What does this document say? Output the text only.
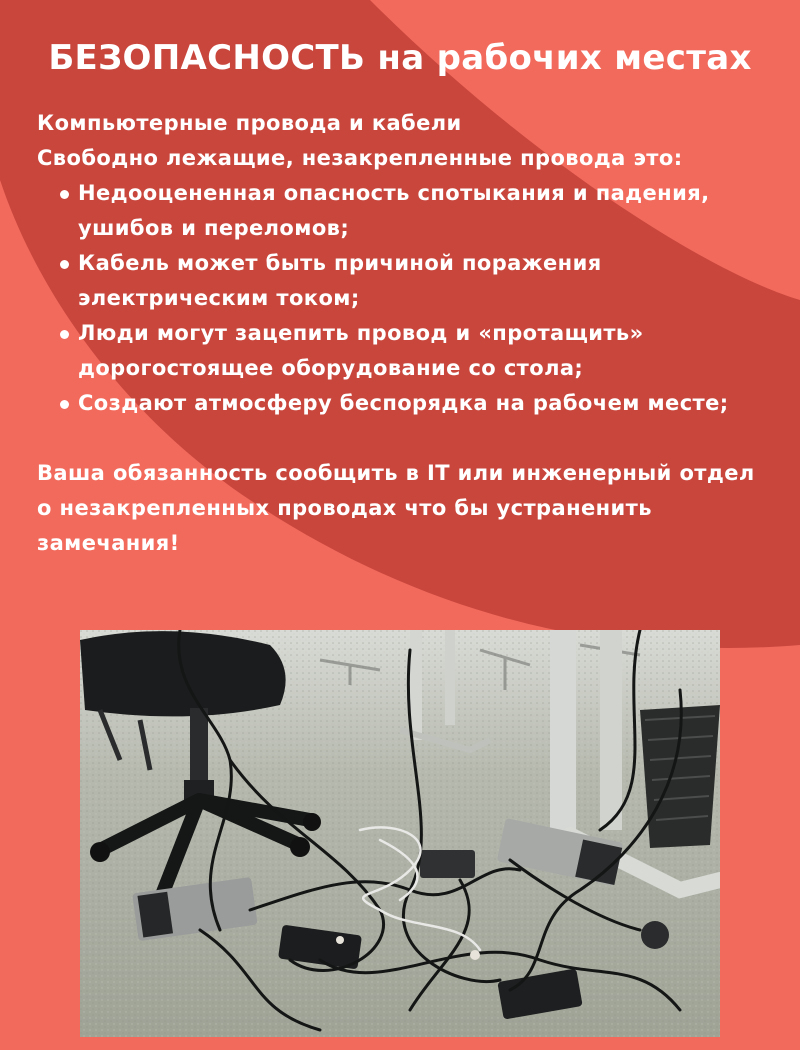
БЕЗОПАСНОСТЬ на рабочих местах
Компьютерные провода и кабели
Свободно лежащие, незакрепленные провода это:
Недооцененная опасность спотыкания и падения,
ушибов и переломов;
Кабель может быть причиной поражения
электрическим током;
Люди могут зацепить провод и «протащить»
дорогостоящее оборудование со стола;
Создают атмосферу беспорядка на рабочем месте;
Ваша обязанность сообщить в IT или инженерный отдел
о незакрепленных проводах что бы устраненить
замечания!
